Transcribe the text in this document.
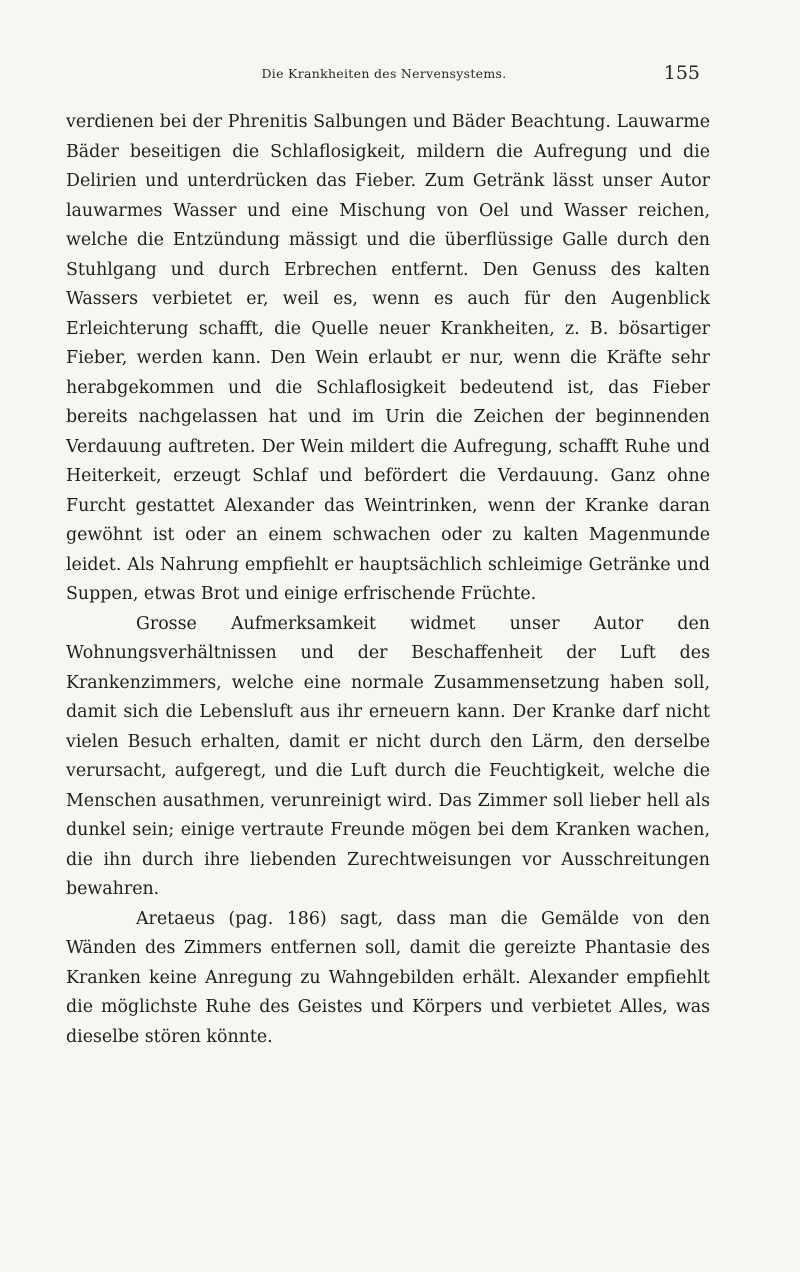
Die Krankheiten des Nervensystems.	155

verdienen bei der Phrenitis Salbungen und Bäder Beachtung. Lauwarme Bäder beseitigen die Schlaflosigkeit, mildern die Aufregung und die Delirien und unterdrücken das Fieber. Zum Getränk lässt unser Autor lauwarmes Wasser und eine Mischung von Oel und Wasser reichen, welche die Entzündung mässigt und die überflüssige Galle durch den Stuhlgang und durch Erbrechen entfernt. Den Genuss des kalten Wassers verbietet er, weil es, wenn es auch für den Augenblick Erleichterung schafft, die Quelle neuer Krankheiten, z. B. bösartiger Fieber, werden kann. Den Wein erlaubt er nur, wenn die Kräfte sehr herabgekommen und die Schlaflosigkeit bedeutend ist, das Fieber bereits nachgelassen hat und im Urin die Zeichen der beginnenden Verdauung auftreten. Der Wein mildert die Aufregung, schafft Ruhe und Heiterkeit, erzeugt Schlaf und befördert die Verdauung. Ganz ohne Furcht gestattet Alexander das Weintrinken, wenn der Kranke daran gewöhnt ist oder an einem schwachen oder zu kalten Magenmunde leidet. Als Nahrung empfiehlt er hauptsächlich schleimige Getränke und Suppen, etwas Brot und einige erfrischende Früchte.

Grosse Aufmerksamkeit widmet unser Autor den Wohnungsverhältnissen und der Beschaffenheit der Luft des Krankenzimmers, welche eine normale Zusammensetzung haben soll, damit sich die Lebensluft aus ihr erneuern kann. Der Kranke darf nicht vielen Besuch erhalten, damit er nicht durch den Lärm, den derselbe verursacht, aufgeregt, und die Luft durch die Feuchtigkeit, welche die Menschen ausathmen, verunreinigt wird. Das Zimmer soll lieber hell als dunkel sein; einige vertraute Freunde mögen bei dem Kranken wachen, die ihn durch ihre liebenden Zurechtweisungen vor Ausschreitungen bewahren.

Aretaeus (pag. 186) sagt, dass man die Gemälde von den Wänden des Zimmers entfernen soll, damit die gereizte Phantasie des Kranken keine Anregung zu Wahngebilden erhält. Alexander empfiehlt die möglichste Ruhe des Geistes und Körpers und verbietet Alles, was dieselbe stören könnte.
